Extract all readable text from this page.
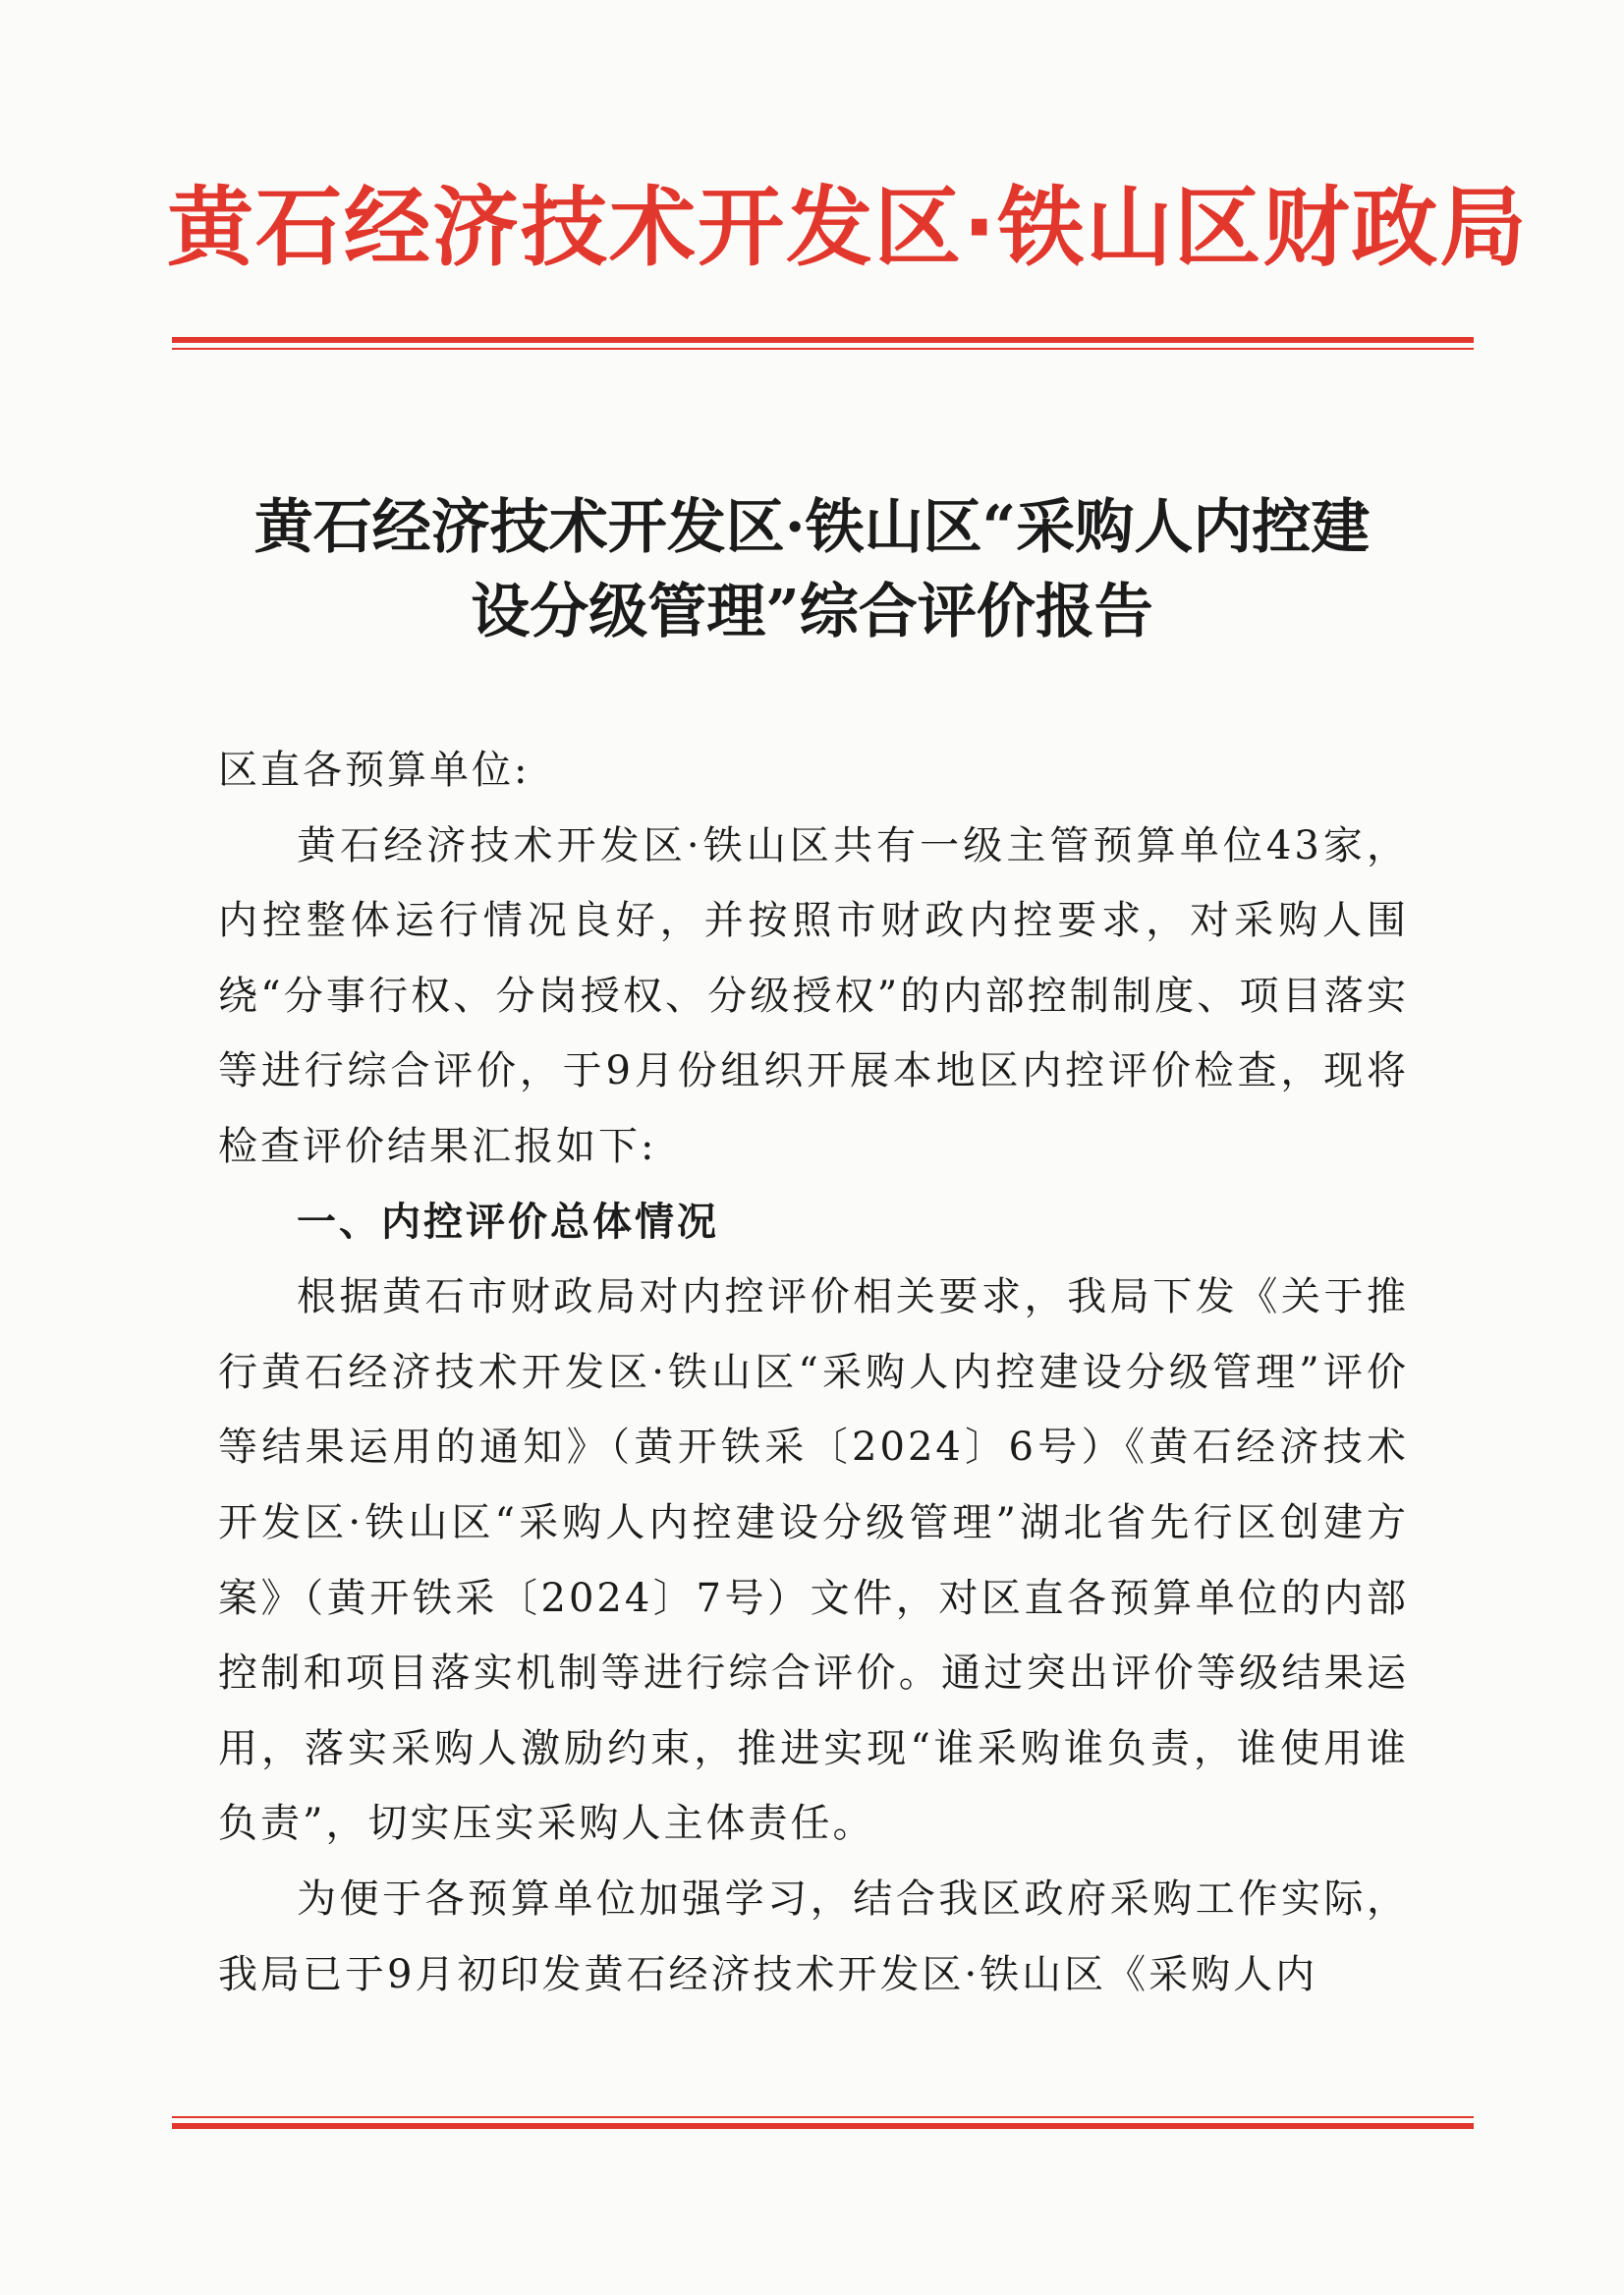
黄石经济技术开发区·铁山区财政局
黄石经济技术开发区·铁山区“采购人内控建
设分级管理”综合评价报告

区直各预算单位:

黄石经济技术开发区·铁山区共有一级主管预算单位43家，内控整体运行情况良好，并按照市财政内控要求，对采购人围绕“分事行权、分岗授权、分级授权”的内部控制制度、项目落实等进行综合评价，于9月份组织开展本地区内控评价检查，现将检查评价结果汇报如下:

一、内控评价总体情况

根据黄石市财政局对内控评价相关要求，我局下发《关于推行黄石经济技术开发区·铁山区“采购人内控建设分级管理”评价等结果运用的通知》（黄开铁采〔2024〕6号）《黄石经济技术开发区·铁山区“采购人内控建设分级管理”湖北省先行区创建方案》（黄开铁采〔2024〕7号）文件，对区直各预算单位的内部控制和项目落实机制等进行综合评价。通过突出评价等级结果运用，落实采购人激励约束，推进实现“谁采购谁负责，谁使用谁负责”，切实压实采购人主体责任。

为便于各预算单位加强学习，结合我区政府采购工作实际，我局已于9月初印发黄石经济技术开发区·铁山区《采购人内
